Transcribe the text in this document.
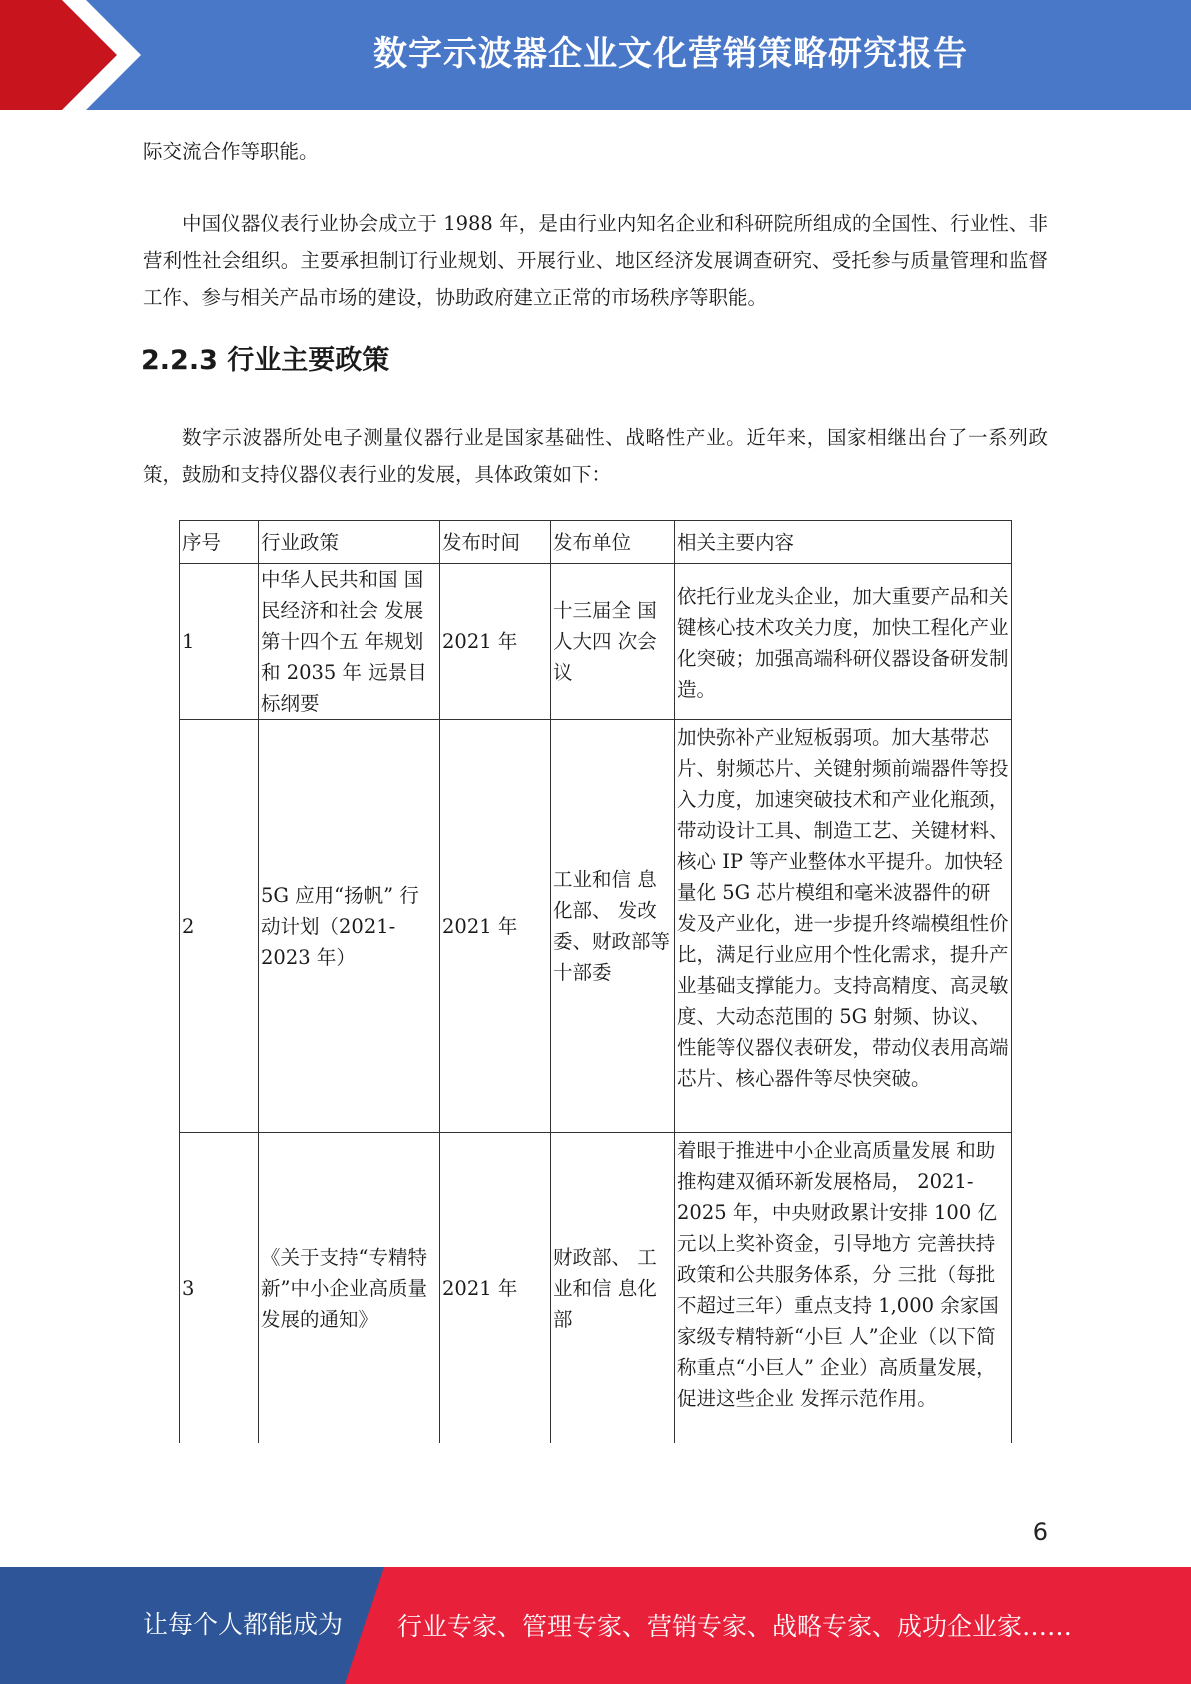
数字示波器企业文化营销策略研究报告

际交流合作等职能。

中国仪器仪表行业协会成立于 1988 年，是由行业内知名企业和科研院所组成的全国性、行业性、非营利性社会组织。主要承担制订行业规划、开展行业、地区经济发展调查研究、受托参与质量管理和监督工作、参与相关产品市场的建设，协助政府建立正常的市场秩序等职能。

2.2.3 行业主要政策

数字示波器所处电子测量仪器行业是国家基础性、战略性产业。近年来，国家相继出台了一系列政策，鼓励和支持仪器仪表行业的发展，具体政策如下：

序号	行业政策	发布时间	发布单位	相关主要内容
1	中华人民共和国 国民经济和社会 发展第十四个五 年规划和 2035 年 远景目标纲要	2021 年	十三届全 国人大四 次会议	依托行业龙头企业，加大重要产品和关键核心技术攻关力度，加快工程化产业化突破；加强高端科研仪器设备研发制造。
2	5G 应用“扬帆” 行动计划（2021-2023 年）	2021 年	工业和信 息化部、 发改委、财政部等 十部委	加快弥补产业短板弱项。加大基带芯片、射频芯片、关键射频前端器件等投入力度，加速突破技术和产业化瓶颈，带动设计工具、制造工艺、关键材料、核心 IP 等产业整体水平提升。加快轻量化 5G 芯片模组和毫米波器件的研发及产业化，进一步提升终端模组性价比，满足行业应用个性化需求，提升产业基础支撑能力。支持高精度、高灵敏度、大动态范围的 5G 射频、协议、性能等仪器仪表研发，带动仪表用高端芯片、核心器件等尽快突破。
3	《关于支持“专精特新”中小企业高质量发展的通知》	2021 年	财政部、 工业和信 息化部	着眼于推进中小企业高质量发展 和助推构建双循环新发展格局， 2021-2025 年，中央财政累计安排 100 亿元以上奖补资金，引导地方 完善扶持政策和公共服务体系，分 三批（每批不超过三年）重点支持 1,000 余家国家级专精特新“小巨 人”企业（以下简称重点“小巨人” 企业）高质量发展，促进这些企业 发挥示范作用。
6
让每个人都能成为 行业专家、管理专家、营销专家、战略专家、成功企业家……
